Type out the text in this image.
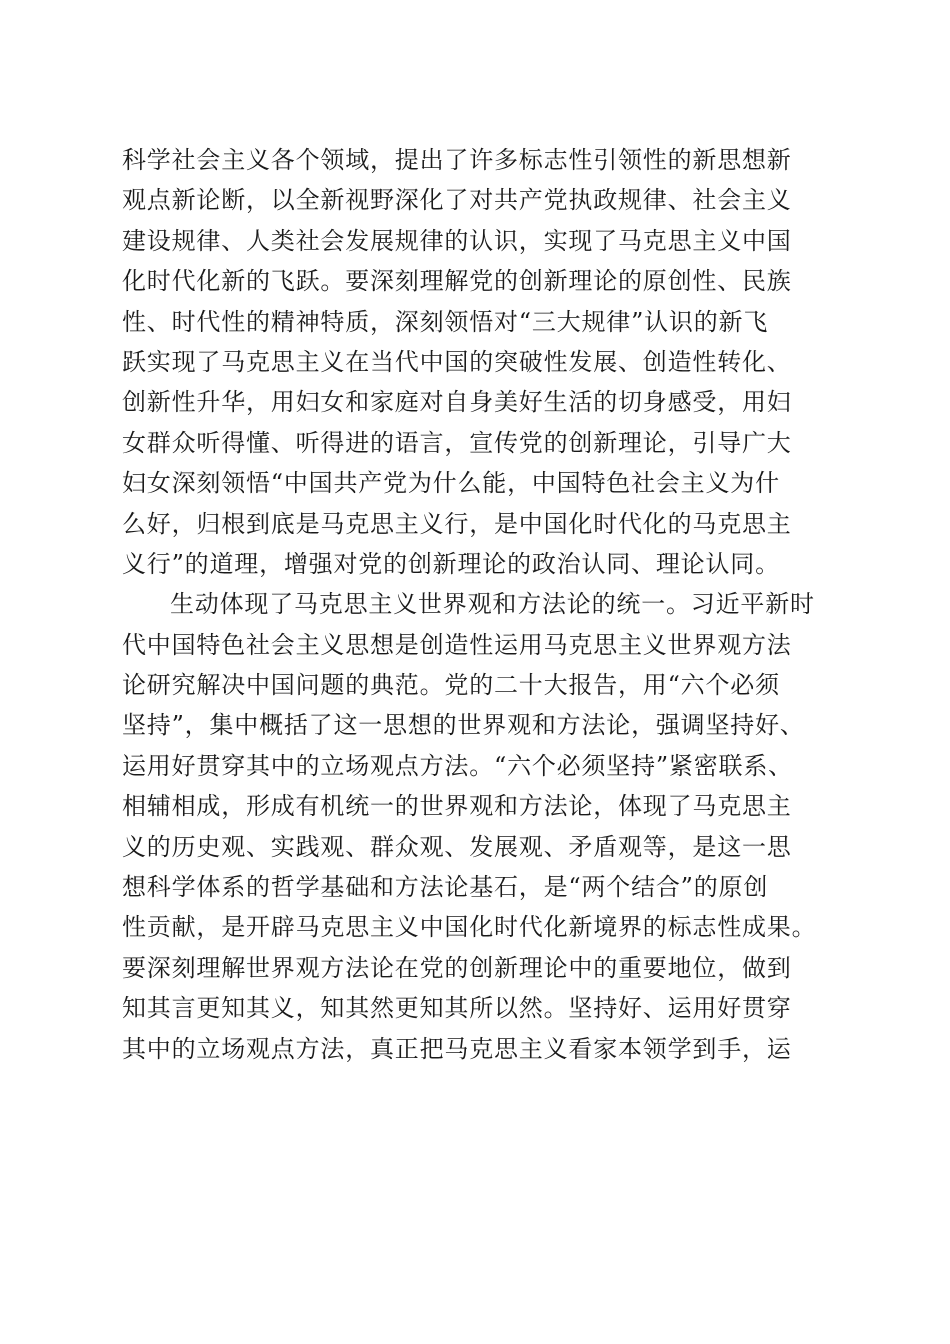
科学社会主义各个领域，提出了许多标志性引领性的新思想新
观点新论断，以全新视野深化了对共产党执政规律、社会主义
建设规律、人类社会发展规律的认识，实现了马克思主义中国
化时代化新的飞跃。要深刻理解党的创新理论的原创性、民族
性、时代性的精神特质，深刻领悟对“三大规律”认识的新飞
跃实现了马克思主义在当代中国的突破性发展、创造性转化、
创新性升华，用妇女和家庭对自身美好生活的切身感受，用妇
女群众听得懂、听得进的语言，宣传党的创新理论，引导广大
妇女深刻领悟“中国共产党为什么能，中国特色社会主义为什
么好，归根到底是马克思主义行，是中国化时代化的马克思主
义行”的道理，增强对党的创新理论的政治认同、理论认同。
生动体现了马克思主义世界观和方法论的统一。习近平新时
代中国特色社会主义思想是创造性运用马克思主义世界观方法
论研究解决中国问题的典范。党的二十大报告，用“六个必须
坚持”，集中概括了这一思想的世界观和方法论，强调坚持好、
运用好贯穿其中的立场观点方法。“六个必须坚持”紧密联系、
相辅相成，形成有机统一的世界观和方法论，体现了马克思主
义的历史观、实践观、群众观、发展观、矛盾观等，是这一思
想科学体系的哲学基础和方法论基石，是“两个结合”的原创
性贡献，是开辟马克思主义中国化时代化新境界的标志性成果。
要深刻理解世界观方法论在党的创新理论中的重要地位，做到
知其言更知其义，知其然更知其所以然。坚持好、运用好贯穿
其中的立场观点方法，真正把马克思主义看家本领学到手，运
